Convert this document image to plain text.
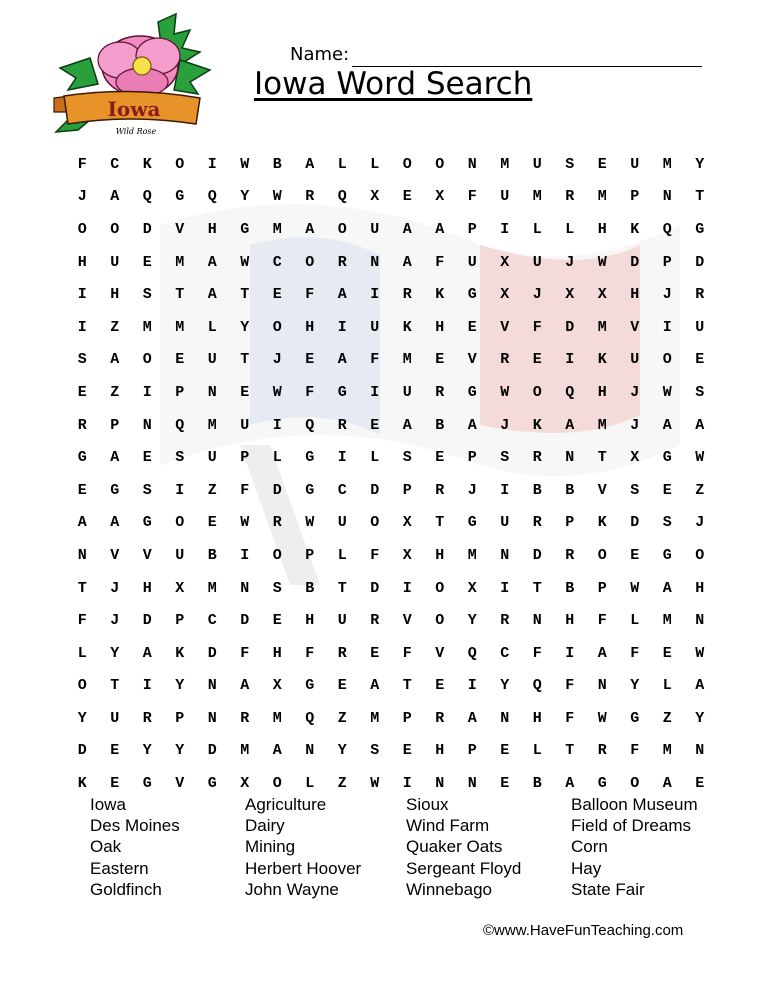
Iowa
Wild Rose
Name:
Iowa Word Search
F	C	K	O	I	W	B	A	L	L	O	O	N	M	U	S	E	U	M	Y
J	A	Q	G	Q	Y	W	R	Q	X	E	X	F	U	M	R	M	P	N	T
O	O	D	V	H	G	M	A	O	U	A	A	P	I	L	L	H	K	Q	G
H	U	E	M	A	W	C	O	R	N	A	F	U	X	U	J	W	D	P	D
I	H	S	T	A	T	E	F	A	I	R	K	G	X	J	X	X	H	J	R
I	Z	M	M	L	Y	O	H	I	U	K	H	E	V	F	D	M	V	I	U
S	A	O	E	U	T	J	E	A	F	M	E	V	R	E	I	K	U	O	E
E	Z	I	P	N	E	W	F	G	I	U	R	G	W	O	Q	H	J	W	S
R	P	N	Q	M	U	I	Q	R	E	A	B	A	J	K	A	M	J	A	A
G	A	E	S	U	P	L	G	I	L	S	E	P	S	R	N	T	X	G	W
E	G	S	I	Z	F	D	G	C	D	P	R	J	I	B	B	V	S	E	Z
A	A	G	O	E	W	R	W	U	O	X	T	G	U	R	P	K	D	S	J
N	V	V	U	B	I	O	P	L	F	X	H	M	N	D	R	O	E	G	O
T	J	H	X	M	N	S	B	T	D	I	O	X	I	T	B	P	W	A	H
F	J	D	P	C	D	E	H	U	R	V	O	Y	R	N	H	F	L	M	N
L	Y	A	K	D	F	H	F	R	E	F	V	Q	C	F	I	A	F	E	W
O	T	I	Y	N	A	X	G	E	A	T	E	I	Y	Q	F	N	Y	L	A
Y	U	R	P	N	R	M	Q	Z	M	P	R	A	N	H	F	W	G	Z	Y
D	E	Y	Y	D	M	A	N	Y	S	E	H	P	E	L	T	R	F	M	N
K	E	G	V	G	X	O	L	Z	W	I	N	N	E	B	A	G	O	A	E
Iowa
Des Moines
Oak
Eastern
Goldfinch
Agriculture
Dairy
Mining
Herbert Hoover
John Wayne
Sioux
Wind Farm
Quaker Oats
Sergeant Floyd
Winnebago
Balloon Museum
Field of Dreams
Corn
Hay
State Fair
©www.HaveFunTeaching.com
